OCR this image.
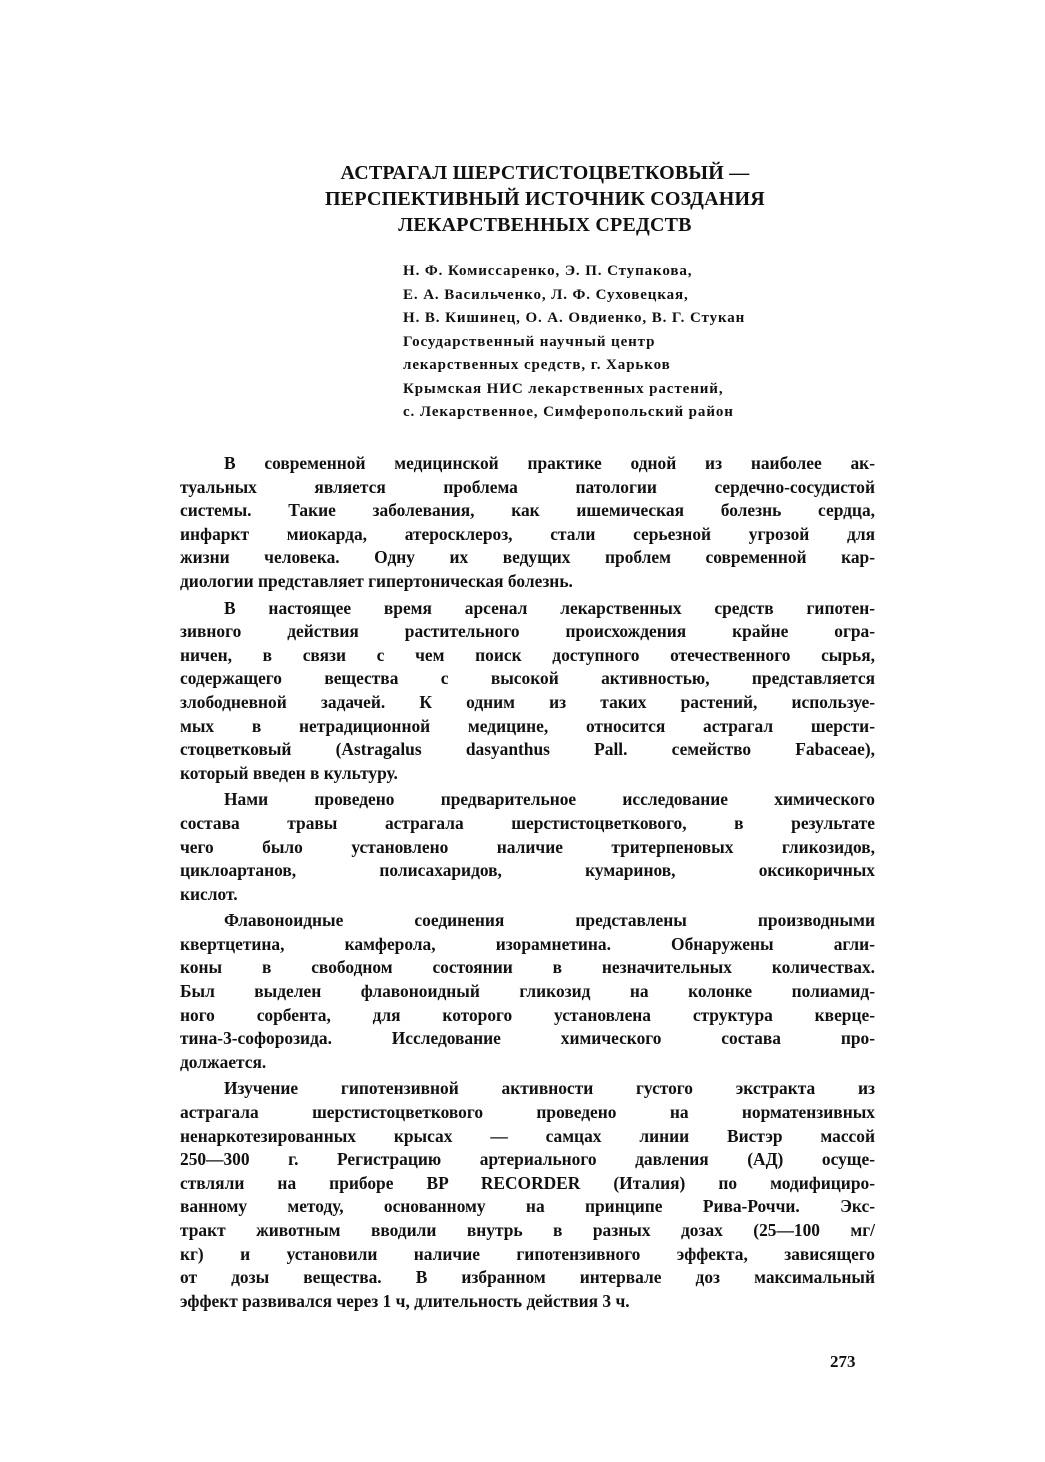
АСТРАГАЛ ШЕРСТИСТОЦВЕТКОВЫЙ —
ПЕРСПЕКТИВНЫЙ ИСТОЧНИК СОЗДАНИЯ
ЛЕКАРСТВЕННЫХ СРЕДСТВ
Н. Ф. Комиссаренко, Э. П. Ступакова,
Е. А. Васильченко, Л. Ф. Суховецкая,
Н. В. Кишинец, О. А. Овдиенко, В. Г. Стукан
Государственный научный центр
лекарственных средств, г. Харьков
Крымская НИС лекарственных растений,
с. Лекарственное, Симферопольский район
В современной медицинской практике одной из наиболее ак-
туальных является проблема патологии сердечно-сосудистой
системы. Такие заболевания, как ишемическая болезнь сердца,
инфаркт миокарда, атеросклероз, стали серьезной угрозой для
жизни человека. Одну их ведущих проблем современной кар-
диологии представляет гипертоническая болезнь.
В настоящее время арсенал лекарственных средств гипотен-
зивного действия растительного происхождения крайне огра-
ничен, в связи с чем поиск доступного отечественного сырья,
содержащего вещества с высокой активностью, представляется
злободневной задачей. К одним из таких растений, используе-
мых в нетрадиционной медицине, относится астрагал шерсти-
стоцветковый (Astragalus dasyanthus Pall. семейство Fabaceae),
который введен в культуру.
Нами проведено предварительное исследование химического
состава травы астрагала шерстистоцветкового, в результате
чего было установлено наличие тритерпеновых гликозидов,
циклоартанов, полисахаридов, кумаринов, оксикоричных
кислот.
Флавоноидные соединения представлены производными
квертцетина, камферола, изорамнетина. Обнаружены агли-
коны в свободном состоянии в незначительных количествах.
Был выделен флавоноидный гликозид на колонке полиамид-
ного сорбента, для которого установлена структура кверце-
тина-3-софорозида. Исследование химического состава про-
должается.
Изучение гипотензивной активности густого экстракта из
астрагала шерстистоцветкового проведено на норматензивных
ненаркотезированных крысах — самцах линии Вистэр массой
250—300 г. Регистрацию артериального давления (АД) осуще-
ствляли на приборе BP RECORDER (Италия) по модифициро-
ванному методу, основанному на принципе Рива-Роччи. Экс-
тракт животным вводили внутрь в разных дозах (25—100 мг/
кг) и установили наличие гипотензивного эффекта, зависящего
от дозы вещества. В избранном интервале доз максимальный
эффект развивался через 1 ч, длительность действия 3 ч.
273
